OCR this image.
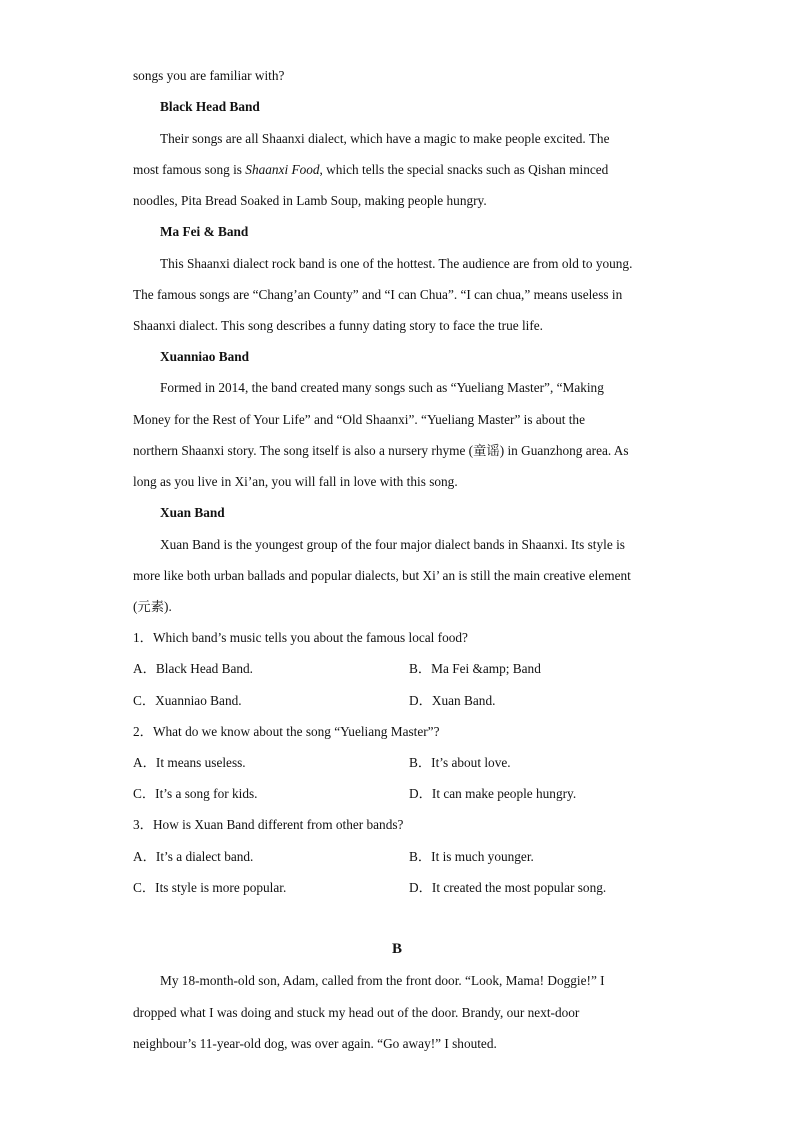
songs you are familiar with?
Black Head Band
Their songs are all Shaanxi dialect, which have a magic to make people excited. The
most famous song is Shaanxi Food, which tells the special snacks such as Qishan minced
noodles, Pita Bread Soaked in Lamb Soup, making people hungry.
Ma Fei & Band
This Shaanxi dialect rock band is one of the hottest. The audience are from old to young.
The famous songs are “Chang’an County” and “I can Chua”. “I can chua,” means useless in
Shaanxi dialect. This song describes a funny dating story to face the true life.
Xuanniao Band
Formed in 2014, the band created many songs such as “Yueliang Master”, “Making
Money for the Rest of Your Life” and “Old Shaanxi”. “Yueliang Master” is about the
northern Shaanxi story. The song itself is also a nursery rhyme (童谣) in Guanzhong area. As
long as you live in Xi’an, you will fall in love with this song.
Xuan Band
Xuan Band is the youngest group of the four major dialect bands in Shaanxi. Its style is
more like both urban ballads and popular dialects, but Xi’ an is still the main creative element
(元素).
1．Which band’s music tells you about the famous local food?
A．Black Head Band.	B．Ma Fei &amp; Band
C．Xuanniao Band.	D．Xuan Band.
2．What do we know about the song “Yueliang Master”?
A．It means useless.	B．It’s about love.
C．It’s a song for kids.	D．It can make people hungry.
3．How is Xuan Band different from other bands?
A．It’s a dialect band.	B．It is much younger.
C．Its style is more popular.	D．It created the most popular song.
B
My 18-month-old son, Adam, called from the front door. “Look, Mama! Doggie!” I
dropped what I was doing and stuck my head out of the door. Brandy, our next-door
neighbour’s 11-year-old dog, was over again. “Go away!” I shouted.
